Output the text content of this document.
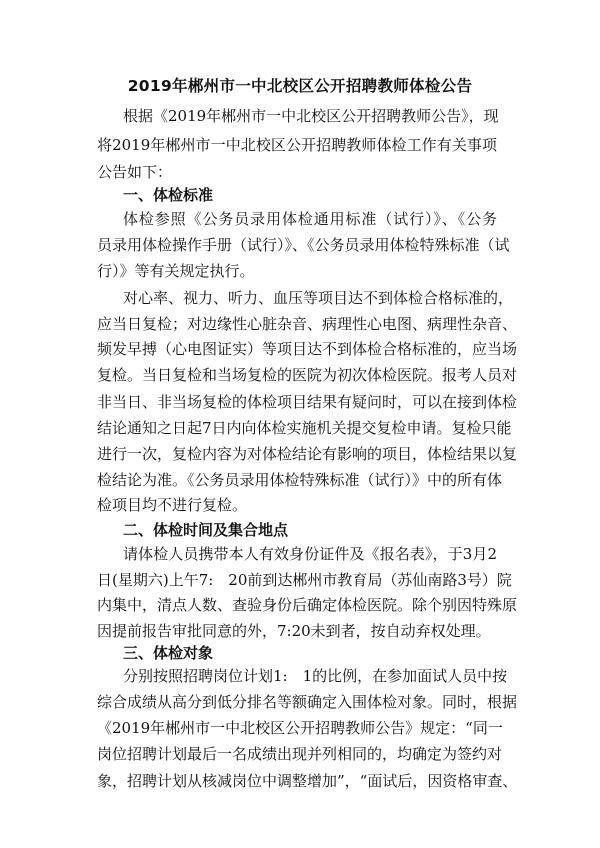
2019年郴州市一中北校区公开招聘教师体检公告
根据《2019年郴州市一中北校区公开招聘教师公告》，现
将2019年郴州市一中北校区公开招聘教师体检工作有关事项
公告如下：
一、体检标准
体检参照《公务员录用体检通用标准（试行）》、《公务
员录用体检操作手册（试行）》、《公务员录用体检特殊标准（试
行）》等有关规定执行。
对心率、视力、听力、血压等项目达不到体检合格标准的，
应当日复检；对边缘性心脏杂音、病理性心电图、病理性杂音、
频发早搏（心电图证实）等项目达不到体检合格标准的，应当场
复检。当日复检和当场复检的医院为初次体检医院。报考人员对
非当日、非当场复检的体检项目结果有疑问时，可以在接到体检
结论通知之日起7日内向体检实施机关提交复检申请。复检只能
进行一次，复检内容为对体检结论有影响的项目，体检结果以复
检结论为准。《公务员录用体检特殊标准（试行）》中的所有体
检项目均不进行复检。
二、体检时间及集合地点
请体检人员携带本人有效身份证件及《报名表》，于3月2
日(星期六)上午7:　20前到达郴州市教育局（苏仙南路3号）院
内集中，清点人数、查验身份后确定体检医院。除个别因特殊原
因提前报告审批同意的外，7:20未到者，按自动弃权处理。
三、体检对象
分别按照招聘岗位计划1:　1的比例，在参加面试人员中按
综合成绩从高分到低分排名等额确定入围体检对象。同时，根据
《2019年郴州市一中北校区公开招聘教师公告》规定：“同一
岗位招聘计划最后一名成绩出现并列相同的，均确定为签约对
象，招聘计划从核减岗位中调整增加”，“面试后，因资格审查、
